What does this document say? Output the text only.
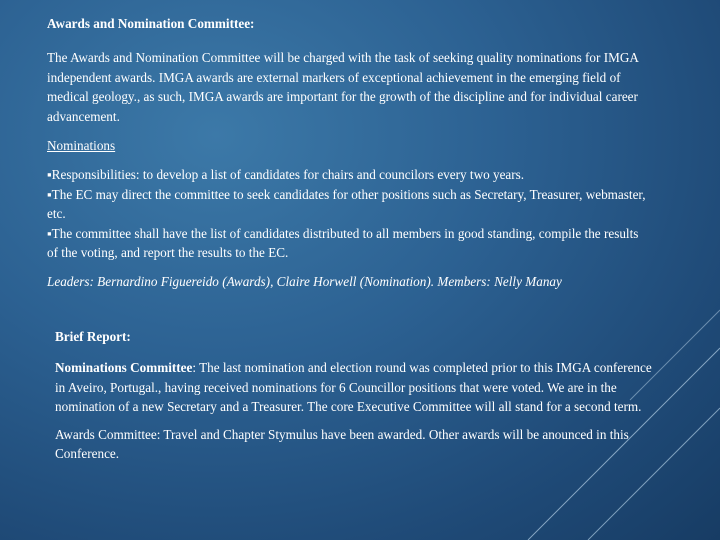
Awards and Nomination Committee:
The Awards and Nomination Committee will be charged with the task of seeking quality nominations for IMGA independent awards. IMGA awards are external markers of exceptional achievement in the emerging field of medical geology., as such, IMGA awards are important for the growth of the discipline and for individual career advancement.
Nominations

▪Responsibilities: to develop a list of candidates for chairs and councilors every two years.

▪The EC may direct the committee to seek candidates for other positions such as Secretary, Treasurer, webmaster, etc.

▪The committee shall have the list of candidates distributed to all members in good standing, compile the results of the voting, and report the results to the EC.

Leaders: Bernardino Figuereido (Awards), Claire Horwell (Nomination). Members: Nelly Manay
Brief Report:

Nominations Committee: The last nomination and election round was completed prior to this IMGA conference in Aveiro, Portugal., having received nominations for 6 Councillor positions that were voted. We are in the nomination of a new Secretary and a Treasurer. The core Executive Committee will all stand for a second term.

Awards Committee: Travel and Chapter Stymulus have been awarded. Other awards will be anounced in this Conference.
